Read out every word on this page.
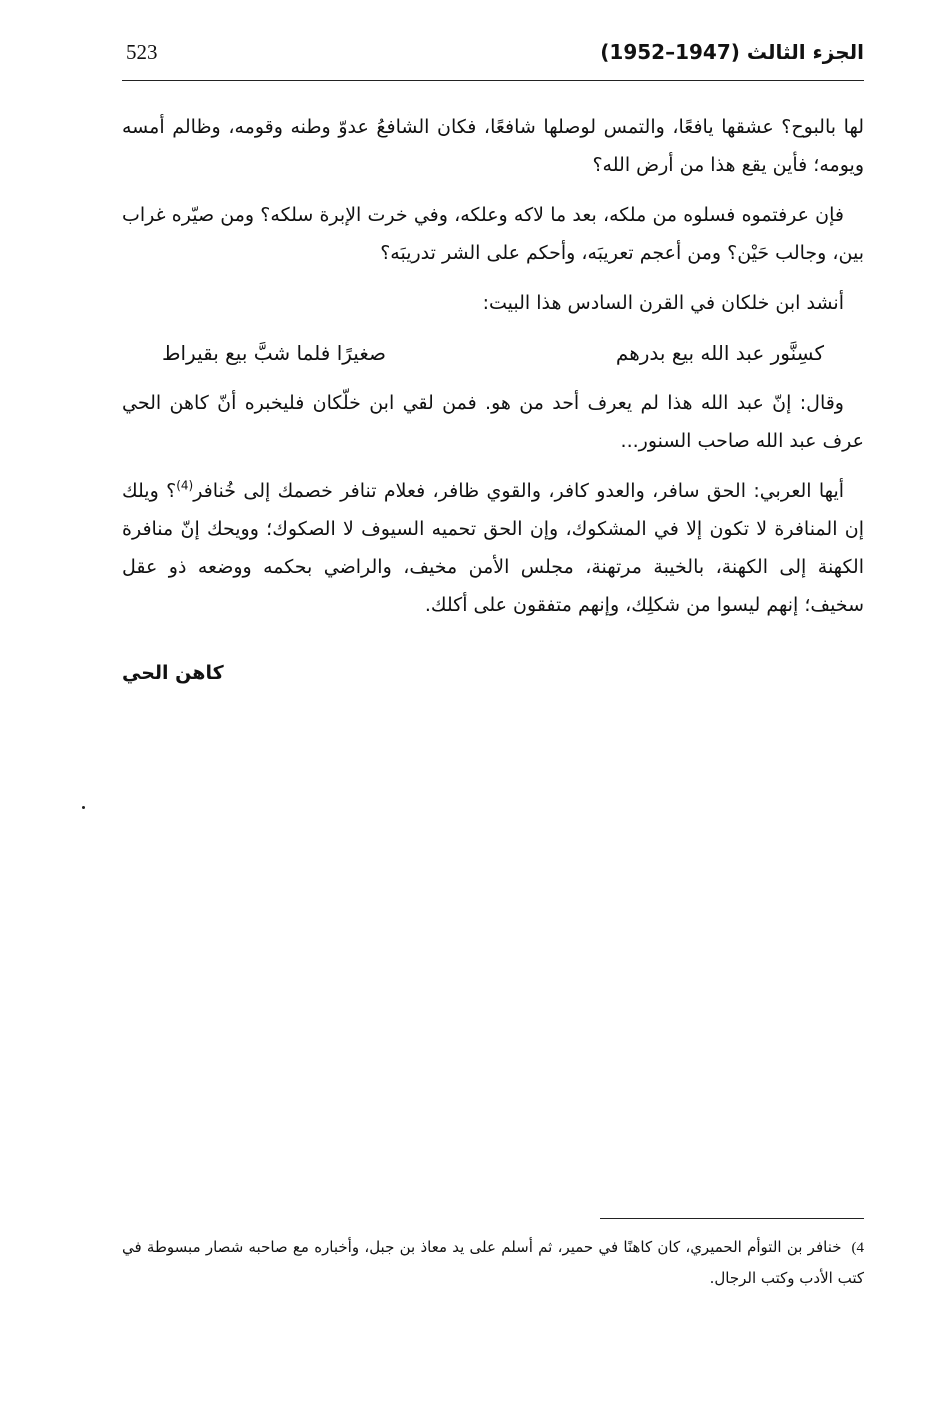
523	الجزء الثالث (1947–1952)

لها بالبوح؟ عشقها يافعًا، والتمس لوصلها شافعًا، فكان الشافعُ عدوّ وطنه وقومه، وظالم أمسه ويومه؛ فأين يقع هذا من أرض الله؟

فإن عرفتموه فسلوه من ملكه، بعد ما لاكه وعلكه، وفي خرت الإبرة سلكه؟ ومن صيّره غراب بين، وجالب حَيْن؟ ومن أعجم تعريبَه، وأحكم على الشر تدريبَه؟

أنشد ابن خلكان في القرن السادس هذا البيت:

كسِنَّور عبد الله بيع بدرهم
صغيرًا فلما شبَّ بيع بقيراط

وقال: إنّ عبد الله هذا لم يعرف أحد من هو. فمن لقي ابن خلّكان فليخبره أنّ كاهن الحي عرف عبد الله صاحب السنور...

أيها العربي: الحق سافر، والعدو كافر، والقوي ظافر، فعلام تنافر خصمك إلى خُنافر$^{(4)}$؟ ويلك إن المنافرة لا تكون إلا في المشكوك، وإن الحق تحميه السيوف لا الصكوك؛ وويحك إنّ منافرة الكهنة إلى الكهنة، بالخيبة مرتهنة، مجلس الأمن مخيف، والراضي بحكمه ووضعه ذو عقل سخيف؛ إنهم ليسوا من شكلِك، وإنهم متفقون على أكلك.

كاهن الحي

4)خنافر بن التوأم الحميري، كان كاهنًا في حمير، ثم أسلم على يد معاذ بن جبل، وأخباره مع صاحبه شصار مبسوطة في كتب الأدب وكتب الرجال.
